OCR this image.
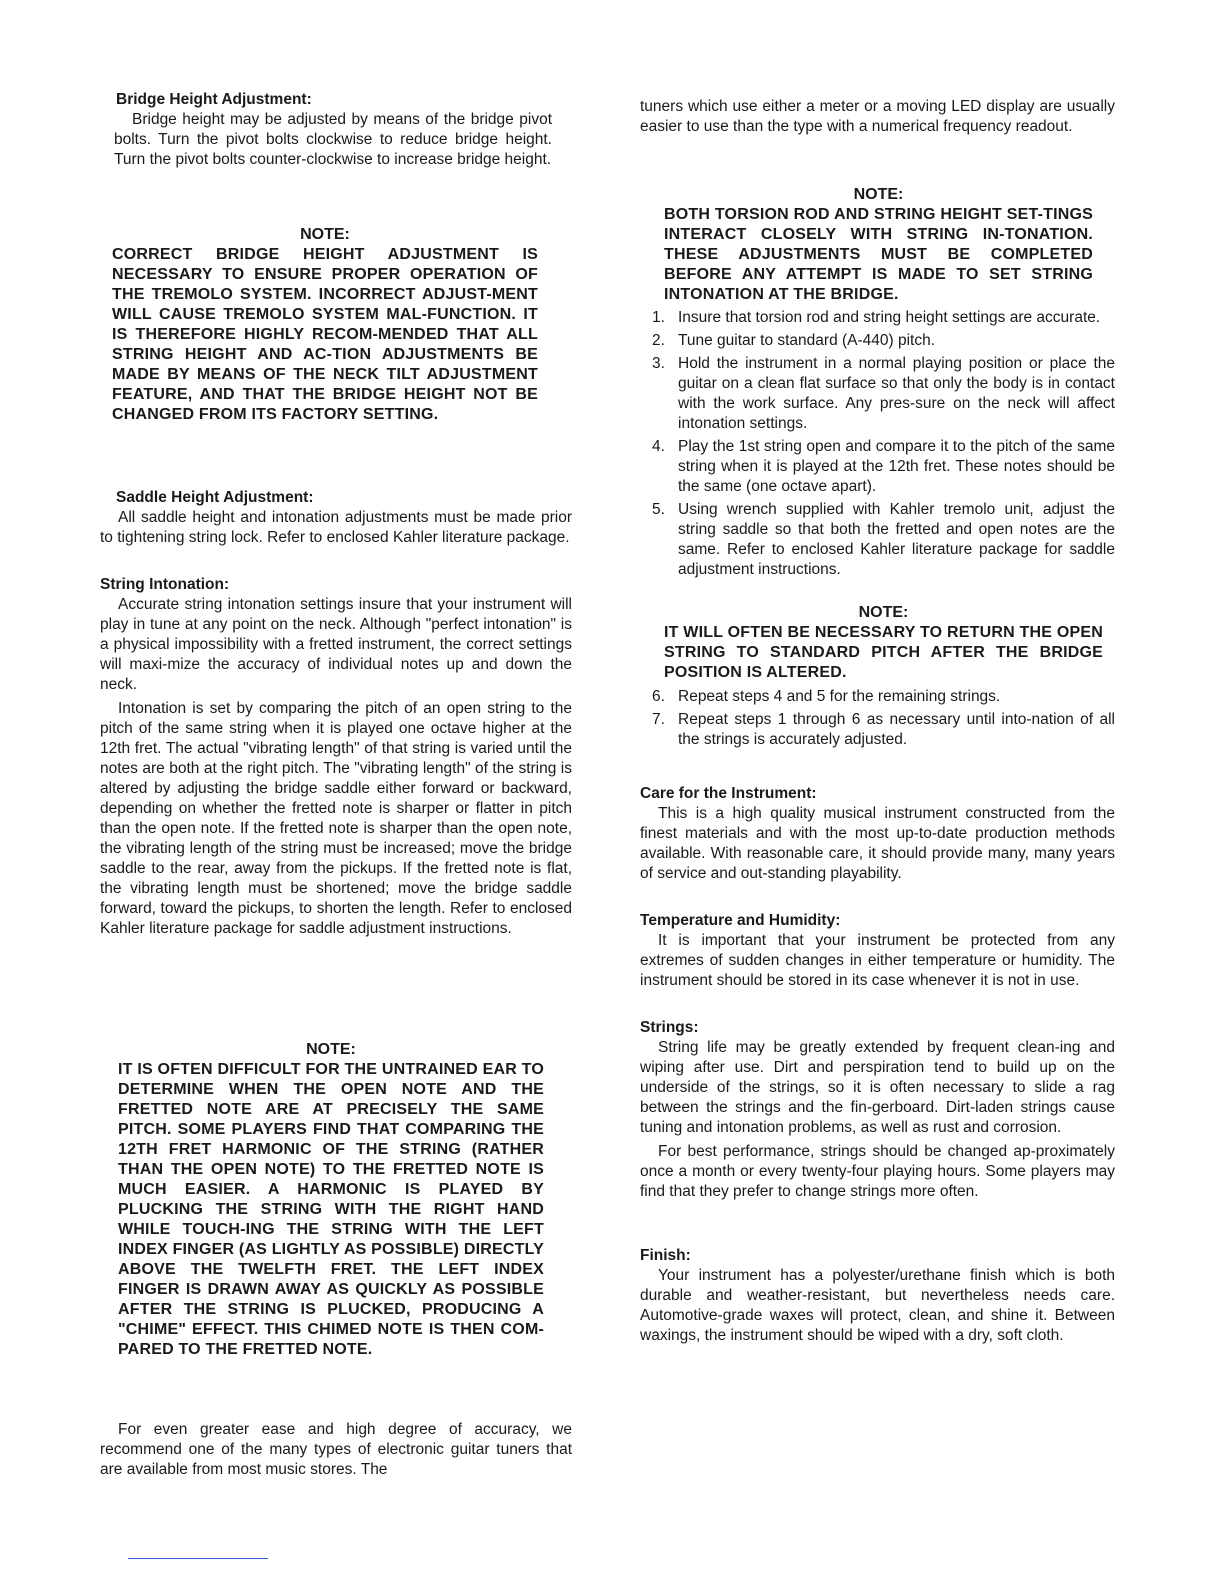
Bridge Height Adjustment:

Bridge height may be adjusted by means of the bridge pivot bolts. Turn the pivot bolts clockwise to reduce bridge height. Turn the pivot bolts counter-clockwise to increase bridge height.

NOTE:
CORRECT BRIDGE HEIGHT ADJUSTMENT IS NECESSARY TO ENSURE PROPER OPERATION OF THE TREMOLO SYSTEM. INCORRECT ADJUST-MENT WILL CAUSE TREMOLO SYSTEM MAL-FUNCTION. IT IS THEREFORE HIGHLY RECOM-MENDED THAT ALL STRING HEIGHT AND AC-TION ADJUSTMENTS BE MADE BY MEANS OF THE NECK TILT ADJUSTMENT FEATURE, AND THAT THE BRIDGE HEIGHT NOT BE CHANGED FROM ITS FACTORY SETTING.
Saddle Height Adjustment:

All saddle height and intonation adjustments must be made prior to tightening string lock. Refer to enclosed Kahler literature package.

String Intonation:

Accurate string intonation settings insure that your instrument will play in tune at any point on the neck. Although "perfect intonation" is a physical impossibility with a fretted instrument, the correct settings will maxi-mize the accuracy of individual notes up and down the neck.

Intonation is set by comparing the pitch of an open string to the pitch of the same string when it is played one octave higher at the 12th fret. The actual "vibrating length" of that string is varied until the notes are both at the right pitch. The "vibrating length" of the string is altered by adjusting the bridge saddle either forward or backward, depending on whether the fretted note is sharper or flatter in pitch than the open note. If the fretted note is sharper than the open note, the vibrating length of the string must be increased; move the bridge saddle to the rear, away from the pickups. If the fretted note is flat, the vibrating length must be shortened; move the bridge saddle forward, toward the pickups, to shorten the length. Refer to enclosed Kahler literature package for saddle adjustment instructions.

NOTE:
IT IS OFTEN DIFFICULT FOR THE UNTRAINED EAR TO DETERMINE WHEN THE OPEN NOTE AND THE FRETTED NOTE ARE AT PRECISELY THE SAME PITCH. SOME PLAYERS FIND THAT COMPARING THE 12TH FRET HARMONIC OF THE STRING (RATHER THAN THE OPEN NOTE) TO THE FRETTED NOTE IS MUCH EASIER. A HARMONIC IS PLAYED BY PLUCKING THE STRING WITH THE RIGHT HAND WHILE TOUCH-ING THE STRING WITH THE LEFT INDEX FINGER (AS LIGHTLY AS POSSIBLE) DIRECTLY ABOVE THE TWELFTH FRET. THE LEFT INDEX FINGER IS DRAWN AWAY AS QUICKLY AS POSSIBLE AFTER THE STRING IS PLUCKED, PRODUCING A "CHIME" EFFECT. THIS CHIMED NOTE IS THEN COM-PARED TO THE FRETTED NOTE.

For even greater ease and high degree of accuracy, we recommend one of the many types of electronic guitar tuners that are available from most music stores. The

tuners which use either a meter or a moving LED display are usually easier to use than the type with a numerical frequency readout.

NOTE:
BOTH TORSION ROD AND STRING HEIGHT SET-TINGS INTERACT CLOSELY WITH STRING IN-TONATION. THESE ADJUSTMENTS MUST BE COMPLETED BEFORE ANY ATTEMPT IS MADE TO SET STRING INTONATION AT THE BRIDGE.
1. Insure that torsion rod and string height settings are accurate.
2. Tune guitar to standard (A-440) pitch.
3. Hold the instrument in a normal playing position or place the guitar on a clean flat surface so that only the body is in contact with the work surface. Any pres-sure on the neck will affect intonation settings.
4. Play the 1st string open and compare it to the pitch of the same string when it is played at the 12th fret. These notes should be the same (one octave apart).
5. Using wrench supplied with Kahler tremolo unit, adjust the string saddle so that both the fretted and open notes are the same. Refer to enclosed Kahler literature package for saddle adjustment instructions.
NOTE:
IT WILL OFTEN BE NECESSARY TO RETURN THE OPEN STRING TO STANDARD PITCH AFTER THE BRIDGE POSITION IS ALTERED.
6. Repeat steps 4 and 5 for the remaining strings.
7. Repeat steps 1 through 6 as necessary until into-nation of all the strings is accurately adjusted.
Care for the Instrument:

This is a high quality musical instrument constructed from the finest materials and with the most up-to-date production methods available. With reasonable care, it should provide many, many years of service and out-standing playability.

Temperature and Humidity:

It is important that your instrument be protected from any extremes of sudden changes in either temperature or humidity. The instrument should be stored in its case whenever it is not in use.

Strings:

String life may be greatly extended by frequent clean-ing and wiping after use. Dirt and perspiration tend to build up on the underside of the strings, so it is often necessary to slide a rag between the strings and the fin-gerboard. Dirt-laden strings cause tuning and intonation problems, as well as rust and corrosion.

For best performance, strings should be changed ap-proximately once a month or every twenty-four playing hours. Some players may find that they prefer to change strings more often.

Finish:

Your instrument has a polyester/urethane finish which is both durable and weather-resistant, but nevertheless needs care. Automotive-grade waxes will protect, clean, and shine it. Between waxings, the instrument should be wiped with a dry, soft cloth.
